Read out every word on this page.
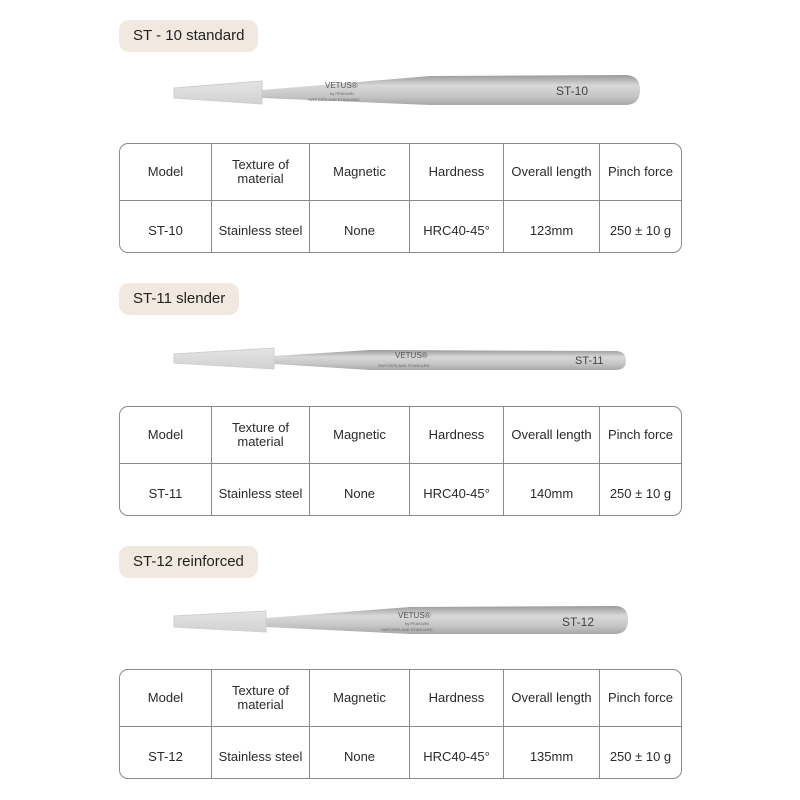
ST - 10 standard
VETUS®
by PEAKWIN
SWITZERLAND STANDARD
ST-10
Model	Texture of material	Magnetic	Hardness	Overall length	Pinch force
ST-10	Stainless steel	None	HRC40-45°	123mm	250 ± 10 g
ST-11 slender
VETUS®
SWITZERLAND STANDARD	ST-11
Model	Texture of material	Magnetic	Hardness	Overall length	Pinch force
ST-11	Stainless steel	None	HRC40-45°	140mm	250 ± 10 g
ST-12 reinforced
VETUS®
by PEAKWIN
SWITZERLAND STANDARD
ST-12
Model	Texture of material	Magnetic	Hardness	Overall length	Pinch force
ST-12	Stainless steel	None	HRC40-45°	135mm	250 ± 10 g
